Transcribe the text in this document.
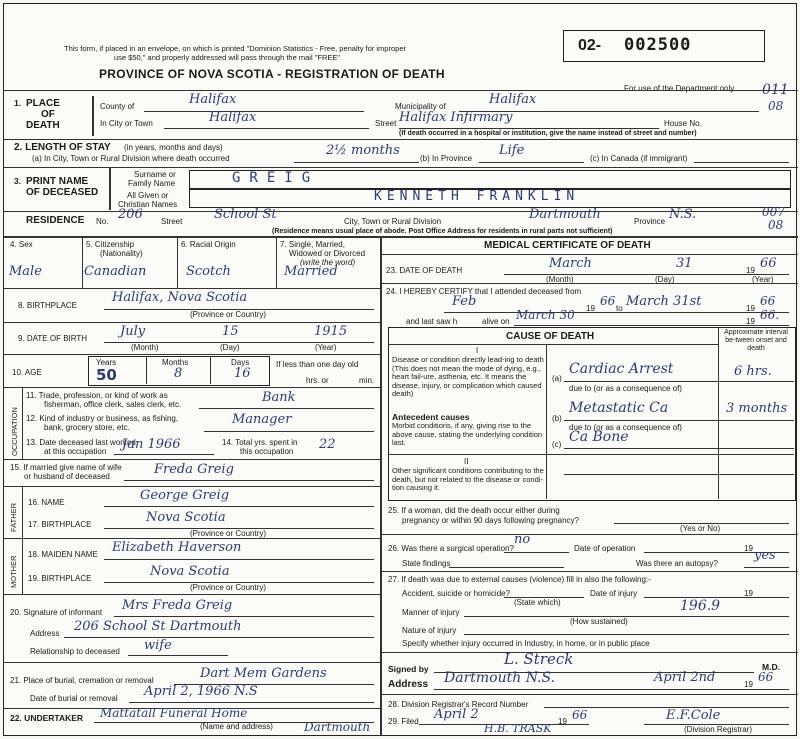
This form, if placed in an envelope, on which is printed "Dominion Statistics - Free, penalty for improper
use $50," and properly addressed will pass through the mail "FREE"
PROVINCE OF NOVA SCOTIA - REGISTRATION OF DEATH
02- 002500
For use of the Department only 011
08
1. PLACE
OF
DEATH
County of	Halifax	Municipality of	Halifax
In City or Town	Halifax	Street Halifax Infirmary	House No.
(If death occurred in a hospital or institution, give the name instead of street and number)
2. LENGTH OF STAY (in years, months and days)
(a) In City, Town or Rural Division where death occurred
2½ months
(b) In Province
Life
(c) In Canada (if immigrant)
3. PRINT NAME
OF DECEASED
Surname or
Family Name	GREIG
All Given or
Christian Names
KENNETH FRANKLIN
RESIDENCE No. 206 Street School St	City, Town or Rural Division	Dartmouth	Province N.S.	007
08
(Residence means usual place of abode. Post Office Address for residents in rural parts not sufficient)
4. Sex	5. Citizenship
(Nationality)
6. Racial Origin	7. Single, Married,
Widowed or Divorced
(write the word)
Male	Canadian	Scotch	Married
8. BIRTHPLACE
Halifax, Nova Scotia
(Province or Country)
9. DATE OF BIRTH	July	15	1915
(Month)	(Day)	(Year)
10. AGE
Years	Months	Days
50	8	16
If less than one day old
hrs. or	min.
OCCUPATION
11. Trade, profession, or kind of work as
fisherman, office clerk, sales clerk, etc.	Bank
12. Kind of industry or business, as fishing,
bank, grocery store, etc.
Manager
13. Date deceased last worked
at this occupation Jan 1966	14. Total yrs. spent in
this occupation 22
15. If married give name of wife
or husband of deceased	Freda Greig
FATHER
16. NAME	George Greig
17. BIRTHPLACE	Nova Scotia
(Province or Country)
MOTHER
18. MAIDEN NAME Elizabeth Haverson
19. BIRTHPLACE	Nova Scotia
(Province or Country)
20. Signature of informant Mrs Freda Greig
Address 206 School St Dartmouth
Relationship to deceased wife
21. Place of burial, cremation or removal	Dart Mem Gardens
Date of burial or removal April 2, 1966 N.S
22. UNDERTAKER Mattatall Funeral Home
Dartmouth
(Name and address)
MEDICAL CERTIFICATE OF DEATH
23. DATE OF DEATH	March	31	19 66
(Month)	(Day)	(Year)
24. I HEREBY CERTIFY that I attended deceased from
Feb	19
66
to March 31st	19
66
and last saw h	alive on March 30	19 66.
CAUSE OF DEATH	Approximate interval be-tween onset and death
I
Disease or condition directly lead-ing to death (This does not mean the mode of dying, e.g., heart fail-ure, asthenia, etc. It means the disease, injury, or complication which caused death)
(a)
Cardiac Arrest	6 hrs.
due to (or as a consequence of)
Antecedent causes
Morbid conditions, if any, giving rise to the above cause, stating the underlying condition last.
(b)
Metastatic Ca	3 months
due to (or as a consequence of)
(c) Ca Bone
II
Other significant conditions contributing to the death, but not related to the disease or condi-tion causing it.
25. If a woman, did the death occur either during
pregnancy or within 90 days following pregnancy?
(Yes or No)
26. Was there a surgical operation?
no
Date of operation	19
State findings	Was there an autopsy?
yes
27. If death was due to external causes (violence) fill in also the following:-
Accident, suicide or homicide?
(State which)
Date of injury	19
Manner of injury	196.9
(How sustained)
Nature of injury
Specify whether injury occurred in Industry, in home, or in public place
Signed by
L. Streck	M.D.
Address Dartmouth N.S.	April 2nd	19
66
28. Division Registrar's Record Number
29. Filed April 2	19 66
H.B. TRASK
E.F.Cole
(Division Registrar)
